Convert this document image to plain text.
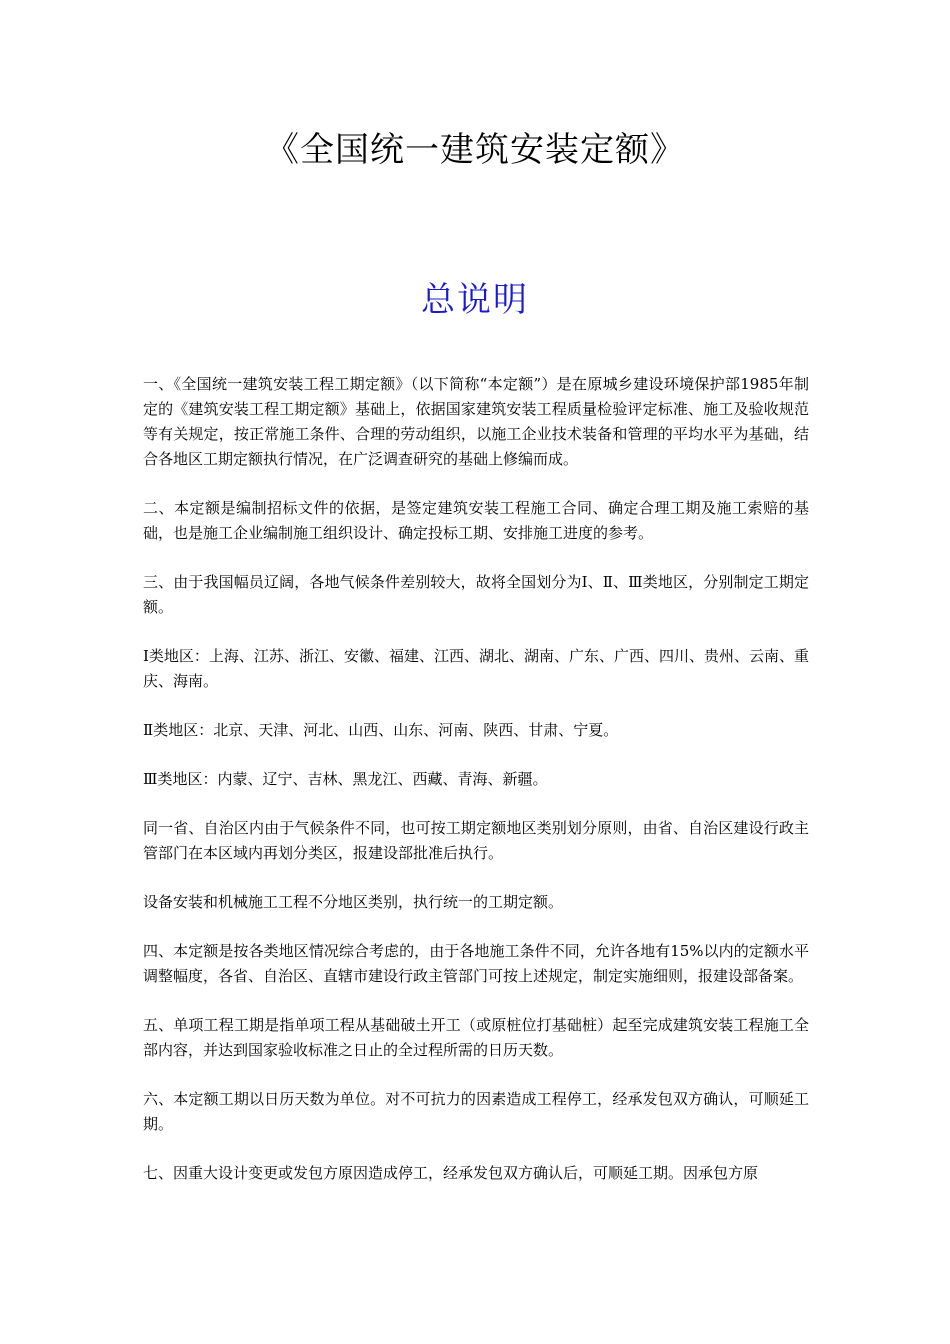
《全国统一建筑安装定额》
总说明

一、《全国统一建筑安装工程工期定额》（以下简称“本定额”）是在原城乡建设环境保护部1985年制定的《建筑安装工程工期定额》基础上，依据国家建筑安装工程质量检验评定标准、施工及验收规范等有关规定，按正常施工条件、合理的劳动组织，以施工企业技术装备和管理的平均水平为基础，结合各地区工期定额执行情况，在广泛调查研究的基础上修编而成。

二、本定额是编制招标文件的依据，是签定建筑安装工程施工合同、确定合理工期及施工索赔的基础，也是施工企业编制施工组织设计、确定投标工期、安排施工进度的参考。

三、由于我国幅员辽阔，各地气候条件差别较大，故将全国划分为Ⅰ、Ⅱ、Ⅲ类地区，分别制定工期定额。

I类地区：上海、江苏、浙江、安徽、福建、江西、湖北、湖南、广东、广西、四川、贵州、云南、重庆、海南。

Ⅱ类地区：北京、天津、河北、山西、山东、河南、陕西、甘肃、宁夏。

Ⅲ类地区：内蒙、辽宁、吉林、黑龙江、西藏、青海、新疆。

同一省、自治区内由于气候条件不同，也可按工期定额地区类别划分原则，由省、自治区建设行政主管部门在本区域内再划分类区，报建设部批准后执行。

设备安装和机械施工工程不分地区类别，执行统一的工期定额。

四、本定额是按各类地区情况综合考虑的，由于各地施工条件不同，允许各地有15%以内的定额水平调整幅度，各省、自治区、直辖市建设行政主管部门可按上述规定，制定实施细则，报建设部备案。

五、单项工程工期是指单项工程从基础破土开工（或原桩位打基础桩）起至完成建筑安装工程施工全部内容，并达到国家验收标准之日止的全过程所需的日历天数。

六、本定额工期以日历天数为单位。对不可抗力的因素造成工程停工，经承发包双方确认，可顺延工期。

七、因重大设计变更或发包方原因造成停工，经承发包双方确认后，可顺延工期。因承包方原
